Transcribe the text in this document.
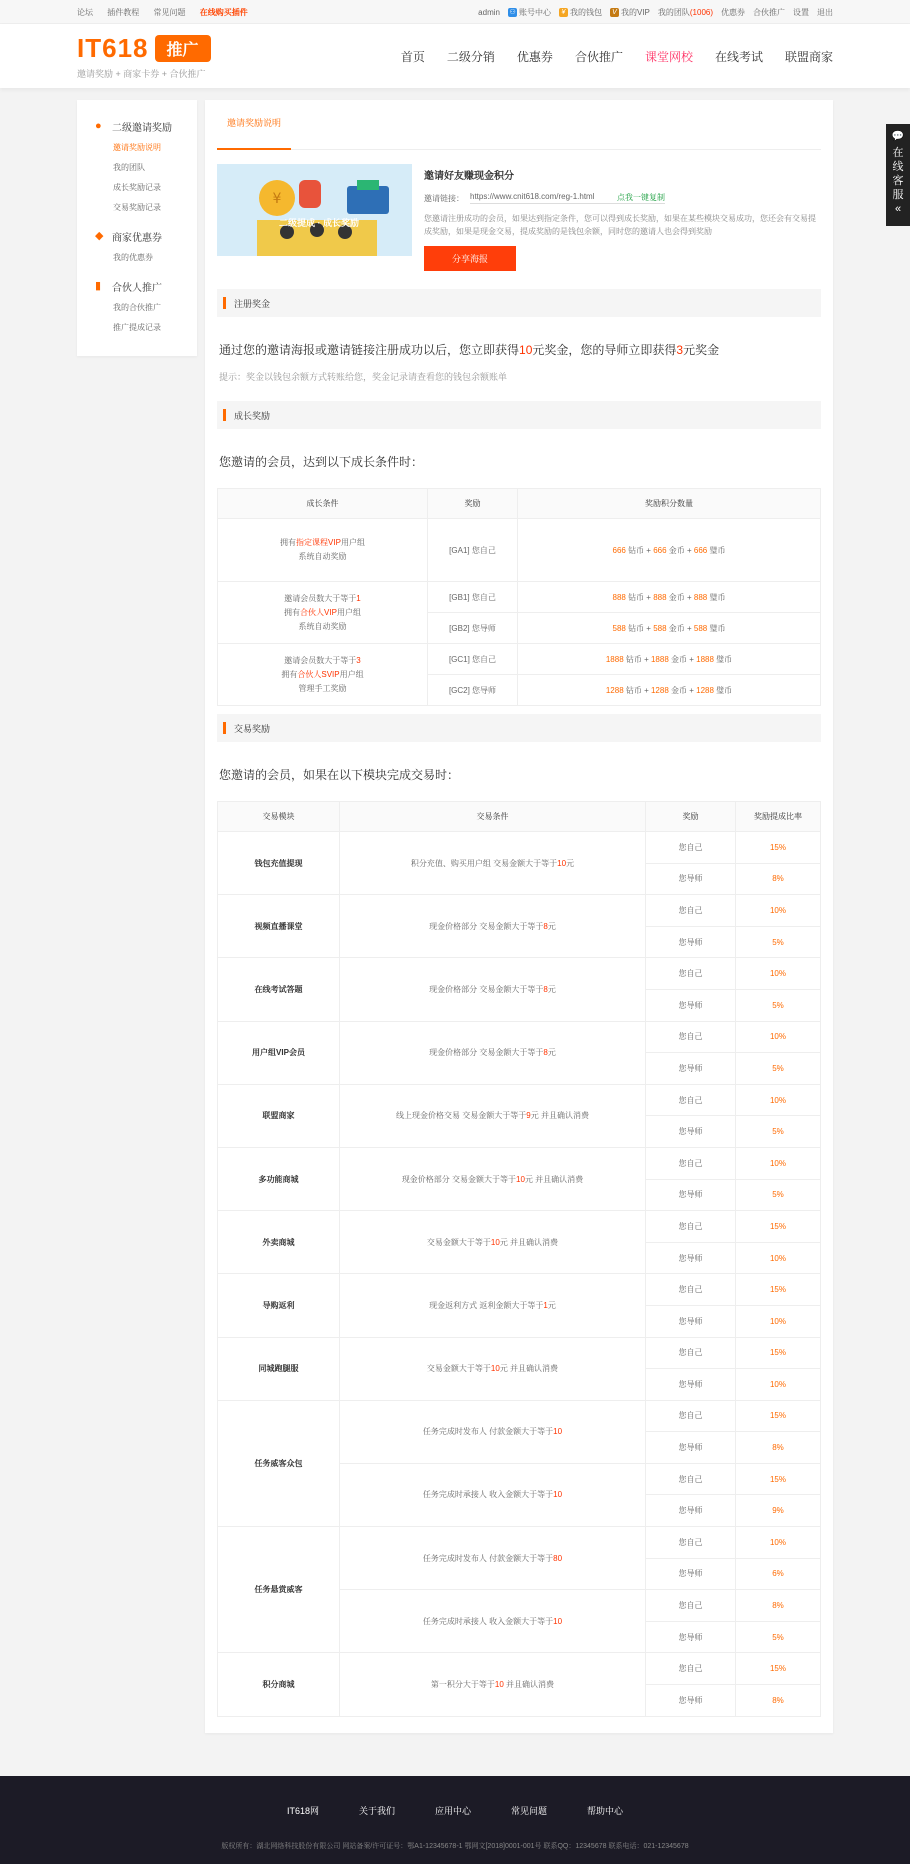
论坛 插件教程 常见问题 在线购买插件	admin ⚇ 账号中心	¥ 我的钱包	V 我的VIP 我的团队 (1006) 优惠券 合伙推广 设置 退出
IT618	推广
邀请奖励 + 商家卡券 + 合伙推广
首页 二级分销 优惠券 合伙推广 课堂网校 在线考试 联盟商家
●	二级邀请奖励
邀请奖励说明
我的团队
成长奖励记录
交易奖励记录
◆ 商家优惠券
我的优惠券
▮	合伙人推广
我的合伙推广
推广提成记录
邀请奖励说明
¥
二级提成 · 成长奖励
邀请好友赚现金积分
邀请链接： https://www.cnit618.com/reg-1.html	点我一键复制
您邀请注册成功的会员，如果达到指定条件，您可以得到成长奖励，如果在某些模块交易成功，您还会有交易提成奖励，如果是现金交易，提成奖励的是钱包余额，同时您的邀请人也会得到奖励
分享海报
注册奖金
通过您的邀请海报或邀请链接注册成功以后，您立即获得10元奖金，您的导师立即获得3元奖金
提示：奖金以钱包余额方式转账给您，奖金记录请查看您的钱包余额账单
成长奖励
您邀请的会员，达到以下成长条件时：
成长条件	奖励	奖励积分数量
拥有指定课程VIP用户组
系统自动奖励	[GA1] 您自己	666 钻币 + 666 金币 + 666 璧币
邀请会员数大于等于1
拥有合伙人VIP用户组
系统自动奖励	[GB1] 您自己	888 钻币 + 888 金币 + 888 璧币
	[GB2] 您导师	588 钻币 + 588 金币 + 588 璧币
邀请会员数大于等于3
拥有合伙人SVIP用户组
管理手工奖励	[GC1] 您自己	1888 钻币 + 1888 金币 + 1888 璧币
	[GC2] 您导师	1288 钻币 + 1288 金币 + 1288 璧币
交易奖励
您邀请的会员，如果在以下模块完成交易时：
交易模块	交易条件	奖励	奖励提成比率
钱包充值提现	积分充值、购买用户组 交易金额大于等于10元	您自己	15%
		您导师	8%
视频直播课堂	现金价格部分 交易金额大于等于8元	您自己	10%
		您导师	5%
在线考试答题	现金价格部分 交易金额大于等于8元	您自己	10%
		您导师	5%
用户组VIP会员	现金价格部分 交易金额大于等于8元	您自己	10%
		您导师	5%
联盟商家	线上现金价格交易 交易金额大于等于9元 并且确认消费	您自己	10%
		您导师	5%
多功能商城	现金价格部分 交易金额大于等于10元 并且确认消费	您自己	10%
		您导师	5%
外卖商城	交易金额大于等于10元 并且确认消费	您自己	15%
		您导师	10%
导购返利	现金返利方式 返利金额大于等于1元	您自己	15%
		您导师	10%
同城跑腿服	交易金额大于等于10元 并且确认消费	您自己	15%
		您导师	10%
任务威客众包	任务完成时发布人 付款金额大于等于10	您自己	15%
		您导师	8%
	任务完成时承接人 收入金额大于等于10	您自己	15%
		您导师	9%
任务悬赏威客	任务完成时发布人 付款金额大于等于80	您自己	10%
		您导师	6%
	任务完成时承接人 收入金额大于等于10	您自己	8%
		您导师	5%
积分商城	第一积分大于等于10 并且确认消费	您自己	15%
		您导师	8%
IT618网	关于我们	应用中心	常见问题	帮助中心
版权所有：湖北网络科技股份有限公司 网站备案/许可证号：鄂A1-12345678-1 鄂网文[2018]0001-001号 联系QQ：12345678 联系电话：021-12345678
💬
在线客服
«
